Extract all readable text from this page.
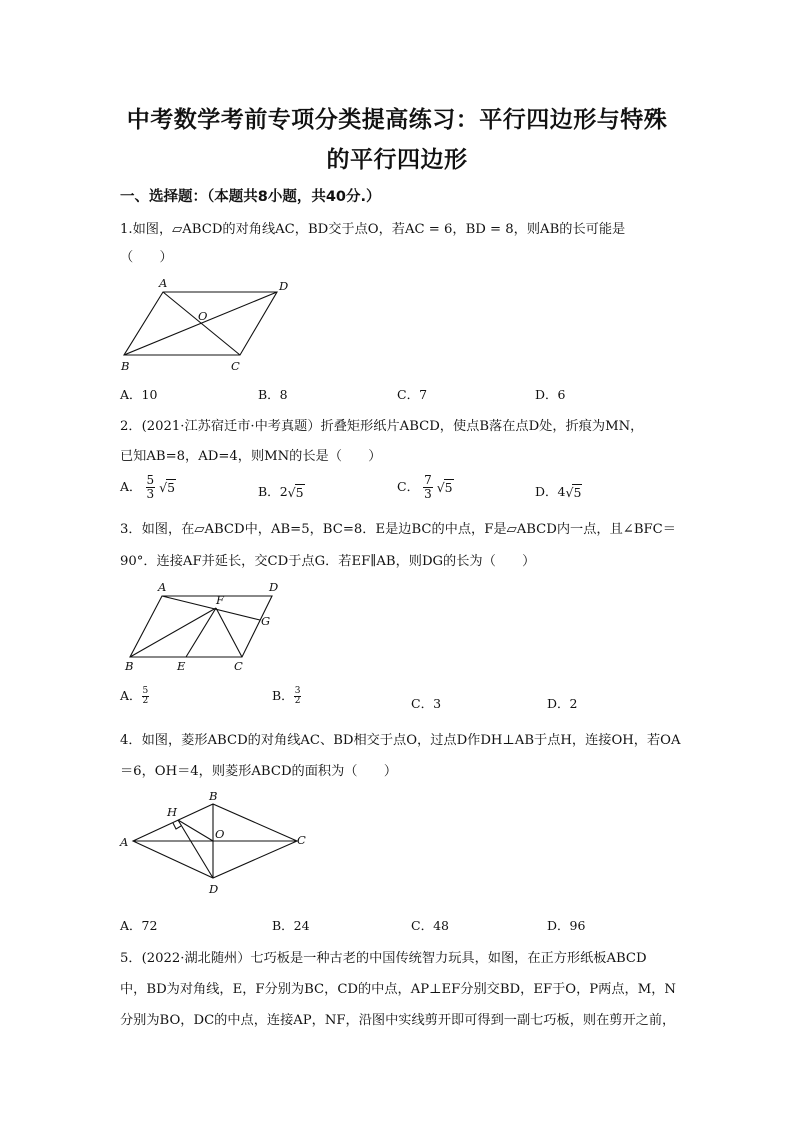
中考数学考前专项分类提高练习：平行四边形与特殊
的平行四边形
一、选择题：（本题共8小题，共40分.）
1.如图，▱ABCD的对角线AC，BD交于点O，若AC = 6，BD = 8，则AB的长可能是
（　　）
A	D
O
B	C
A．10	B．8	C．7	D．6
2．(2021·江苏宿迁市·中考真题）折叠矩形纸片ABCD，使点B落在点D处，折痕为MN，
已知AB=8，AD=4，则MN的长是（　　）
A． $\frac{5}{3} √5$	B．2√5	C． $\frac{7}{3} √5$	D．4√5
3．如图，在▱ABCD中，AB=5，BC=8．E是边BC的中点，F是▱ABCD内一点，且∠BFC＝
90°．连接AF并延长，交CD于点G．若EF∥AB，则DG的长为（　　）
A	D
F
G
B	E	C
A． $\frac{5}{2}$	B． $\frac{3}{2}$	C．3	D．2
4．如图，菱形ABCD的对角线AC、BD相交于点O，过点D作DH⊥AB于点H，连接OH，若OA
＝6，OH＝4，则菱形ABCD的面积为（　　）
A
B
H
O	C
D
A．72	B．24	C．48	D．96
5．(2022·湖北随州）七巧板是一种古老的中国传统智力玩具，如图，在正方形纸板ABCD
中，BD为对角线，E，F分别为BC，CD的中点，AP⊥EF分别交BD，EF于O，P两点，M，N
分别为BO，DC的中点，连接AP，NF，沿图中实线剪开即可得到一副七巧板，则在剪开之前，
